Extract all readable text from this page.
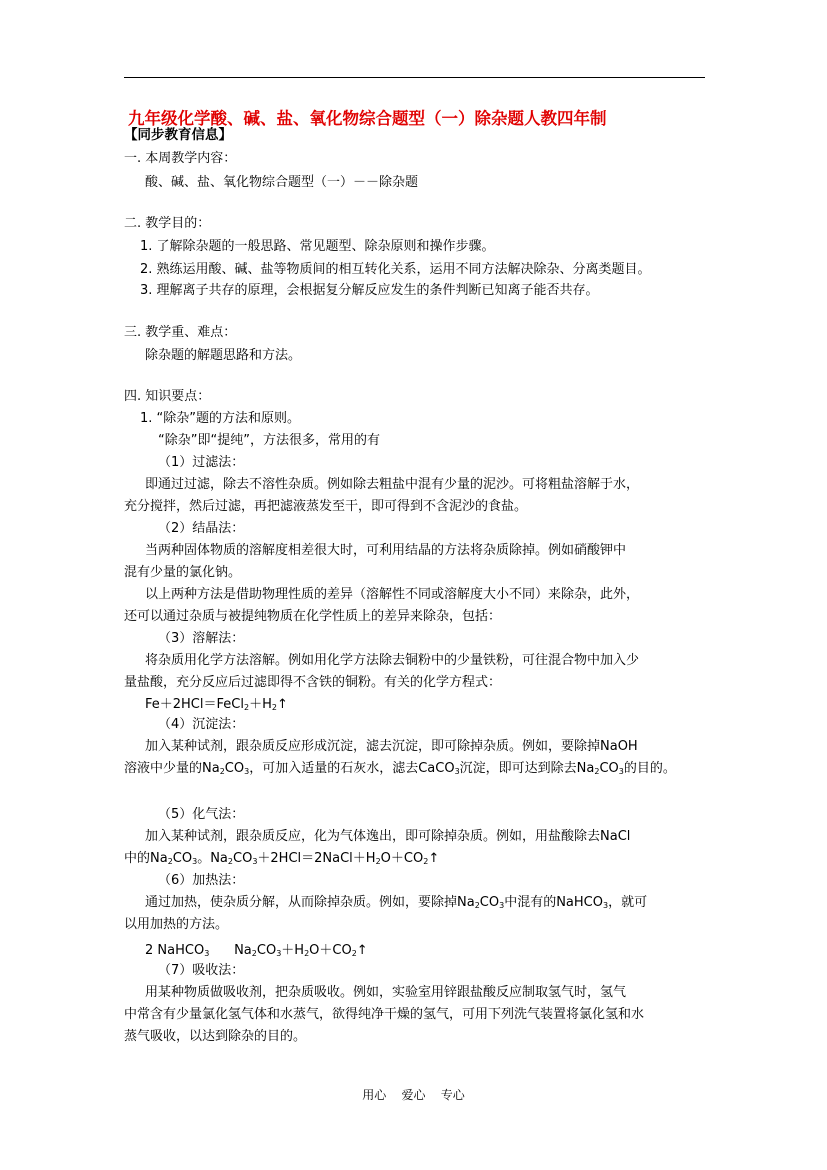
九年级化学酸、碱、盐、氧化物综合题型（一）除杂题人教四年制
【同步教育信息】
一. 本周教学内容：
酸、碱、盐、氧化物综合题型（一）－－除杂题
二. 教学目的：
1. 了解除杂题的一般思路、常见题型、除杂原则和操作步骤。
2. 熟练运用酸、碱、盐等物质间的相互转化关系，运用不同方法解决除杂、分离类题目。
3. 理解离子共存的原理，会根据复分解反应发生的条件判断已知离子能否共存。
三. 教学重、难点：
除杂题的解题思路和方法。
四. 知识要点：
1. “除杂”题的方法和原则。
“除杂”即“提纯”，方法很多，常用的有
（1）过滤法：
即通过过滤，除去不溶性杂质。例如除去粗盐中混有少量的泥沙。可将粗盐溶解于水，
充分搅拌，然后过滤，再把滤液蒸发至干，即可得到不含泥沙的食盐。
（2）结晶法：
当两种固体物质的溶解度相差很大时，可利用结晶的方法将杂质除掉。例如硝酸钾中
混有少量的氯化钠。
以上两种方法是借助物理性质的差异（溶解性不同或溶解度大小不同）来除杂，此外，
还可以通过杂质与被提纯物质在化学性质上的差异来除杂，包括：
（3）溶解法：
将杂质用化学方法溶解。例如用化学方法除去铜粉中的少量铁粉，可往混合物中加入少
量盐酸，充分反应后过滤即得不含铁的铜粉。有关的化学方程式：
$Fe+2HCl=FeCl_2+H_2↑$
（4）沉淀法：
加入某种试剂，跟杂质反应形成沉淀，滤去沉淀，即可除掉杂质。例如，要除掉NaOH
溶液中少量的$Na_2CO_3$，可加入适量的石灰水，滤去CaCO$_3$沉淀，即可达到除去$Na_2CO_3$的目的。
（5）化气法：
加入某种试剂，跟杂质反应，化为气体逸出，即可除掉杂质。例如，用盐酸除去NaCl
中的$Na_2CO_3$。$Na_2CO_3+2HCl=2NaCl+H_2O+CO_2↑$
（6）加热法：
通过加热，使杂质分解，从而除掉杂质。例如，要除掉$Na_2CO_3$中混有的NaHCO$_3$，就可
以用加热的方法。
2 NaHCO$_3$ $Na_2CO_3+H_2O+CO_2↑$
（7）吸收法：
用某种物质做吸收剂，把杂质吸收。例如，实验室用锌跟盐酸反应制取氢气时，氢气
中常含有少量氯化氢气体和水蒸气，欲得纯净干燥的氢气，可用下列洗气装置将氯化氢和水
蒸气吸收，以达到除杂的目的。
用心    爱心    专心
